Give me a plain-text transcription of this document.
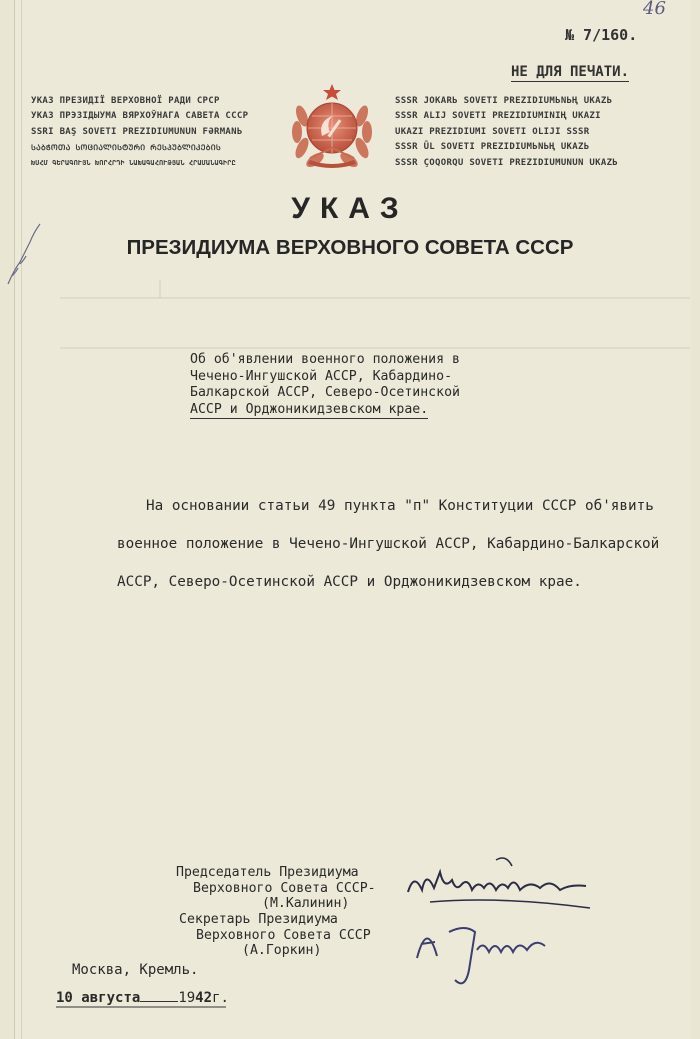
46
№ 7/160.
НЕ ДЛЯ ПЕЧАТИ.
УКАЗ ПРЕЗИДІЇ ВЕРХОВНОЇ РАДИ СРСР
УКАЗ ПРЭЗІДЫУМА ВЯРХОЎНАГА САВЕТА СССР
SSRI BAŞ SOVETI PREZIDIUMUNUN FƏRMANЬ
ᲡᲐᲑᲭᲝᲗᲐ ᲡᲝᲪᲘᲐᲚᲘᲡᲢᲣᲠᲘ ᲠᲔᲡᲞᲣᲑᲚᲘᲙᲔᲑᲘᲡ
ԽՍՀՄ ԳԵՐԱԳՈՒՅՆ ԽՈՐՀՐԴԻ ՆԱԽԱԳԱՀՈՒԹՅԱՆ ՀՐԱՄԱՆԱԳԻՐԸ
SSSR JOKARЬ SOVETI PREZIDIUMЬNЬҢ UKAZЬ
SSSR ALIJ SOVETI PREZIDIUMINIҢ UKAZI
UKAZI PREZIDIUMI SOVETI OLIJI SSSR
SSSR ŪL SOVETI PREZIDIUMЬNЬҢ UKAZЬ
SSSR ÇOQORQU SOVETI PREZIDIUMUNUN UKAZЬ
УКАЗ
ПРЕЗИДИУМА ВЕРХОВНОГО СОВЕТА СССР
Об об'явлении военного положения в
Чечено-Ингушской АССР, Кабардино-
Балкарской АССР, Северо-Осетинской
АССР и Орджоникидзевском крае.
На основании статьи 49 пункта "п" Конституции СССР об'явить
военное положение в Чечено-Ингушской АССР, Кабардино-Балкарской
АССР, Северо-Осетинской АССР и Орджоникидзевском крае.
Председатель Президиума
Верховного Совета СССР-
(М.Калинин)
Секретарь Президиума
Верховного Совета СССР
(А.Горкин)
Москва, Кремль.
10 августа	1942г.
